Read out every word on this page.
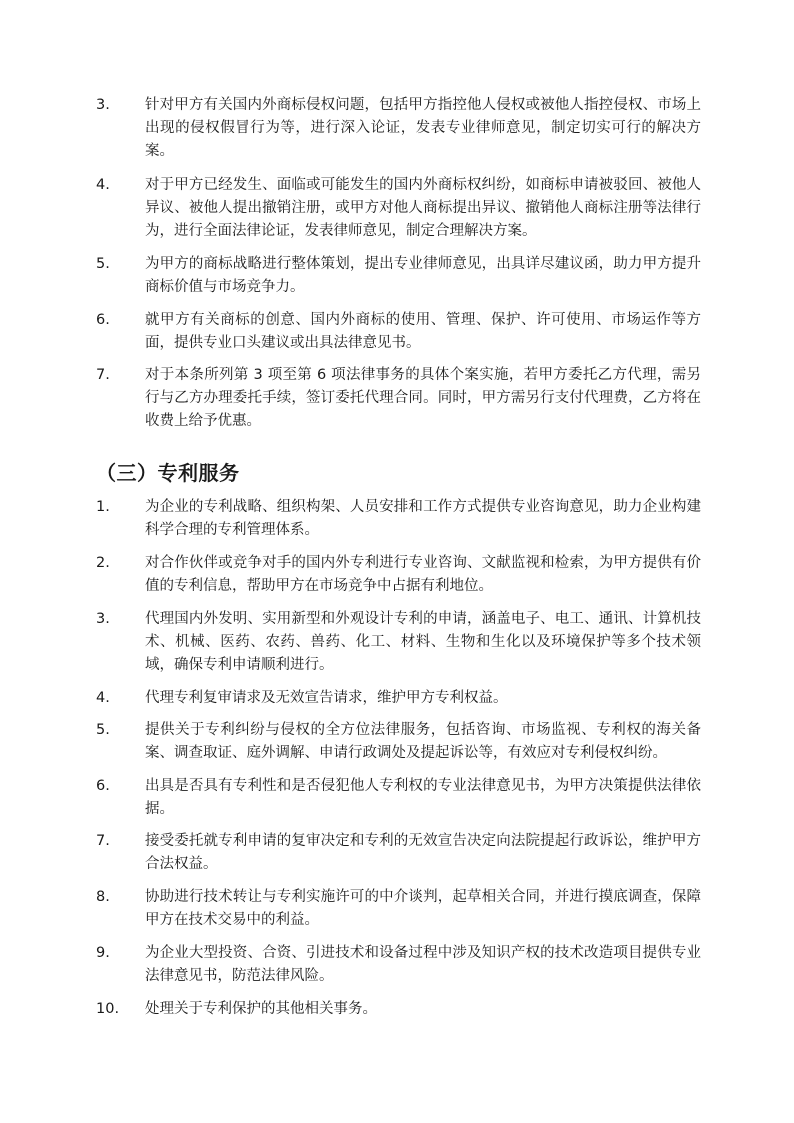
3. 针对甲方有关国内外商标侵权问题，包括甲方指控他人侵权或被他人指控侵权、市场上出现的侵权假冒行为等，进行深入论证，发表专业律师意见，制定切实可行的解决方案。
4. 对于甲方已经发生、面临或可能发生的国内外商标权纠纷，如商标申请被驳回、被他人异议、被他人提出撤销注册，或甲方对他人商标提出异议、撤销他人商标注册等法律行为，进行全面法律论证，发表律师意见，制定合理解决方案。
5. 为甲方的商标战略进行整体策划，提出专业律师意见，出具详尽建议函，助力甲方提升商标价值与市场竞争力。
6. 就甲方有关商标的创意、国内外商标的使用、管理、保护、许可使用、市场运作等方面，提供专业口头建议或出具法律意见书。
7. 对于本条所列第 3 项至第 6 项法律事务的具体个案实施，若甲方委托乙方代理，需另行与乙方办理委托手续，签订委托代理合同。同时，甲方需另行支付代理费，乙方将在收费上给予优惠。
（三）专利服务
1. 为企业的专利战略、组织构架、人员安排和工作方式提供专业咨询意见，助力企业构建科学合理的专利管理体系。
2. 对合作伙伴或竞争对手的国内外专利进行专业咨询、文献监视和检索，为甲方提供有价值的专利信息，帮助甲方在市场竞争中占据有利地位。
3. 代理国内外发明、实用新型和外观设计专利的申请，涵盖电子、电工、通讯、计算机技术、机械、医药、农药、兽药、化工、材料、生物和生化以及环境保护等多个技术领域，确保专利申请顺利进行。
4. 代理专利复审请求及无效宣告请求，维护甲方专利权益。
5. 提供关于专利纠纷与侵权的全方位法律服务，包括咨询、市场监视、专利权的海关备案、调查取证、庭外调解、申请行政调处及提起诉讼等，有效应对专利侵权纠纷。
6. 出具是否具有专利性和是否侵犯他人专利权的专业法律意见书，为甲方决策提供法律依据。
7. 接受委托就专利申请的复审决定和专利的无效宣告决定向法院提起行政诉讼，维护甲方合法权益。
8. 协助进行技术转让与专利实施许可的中介谈判，起草相关合同，并进行摸底调查，保障甲方在技术交易中的利益。
9. 为企业大型投资、合资、引进技术和设备过程中涉及知识产权的技术改造项目提供专业法律意见书，防范法律风险。
10. 处理关于专利保护的其他相关事务。
